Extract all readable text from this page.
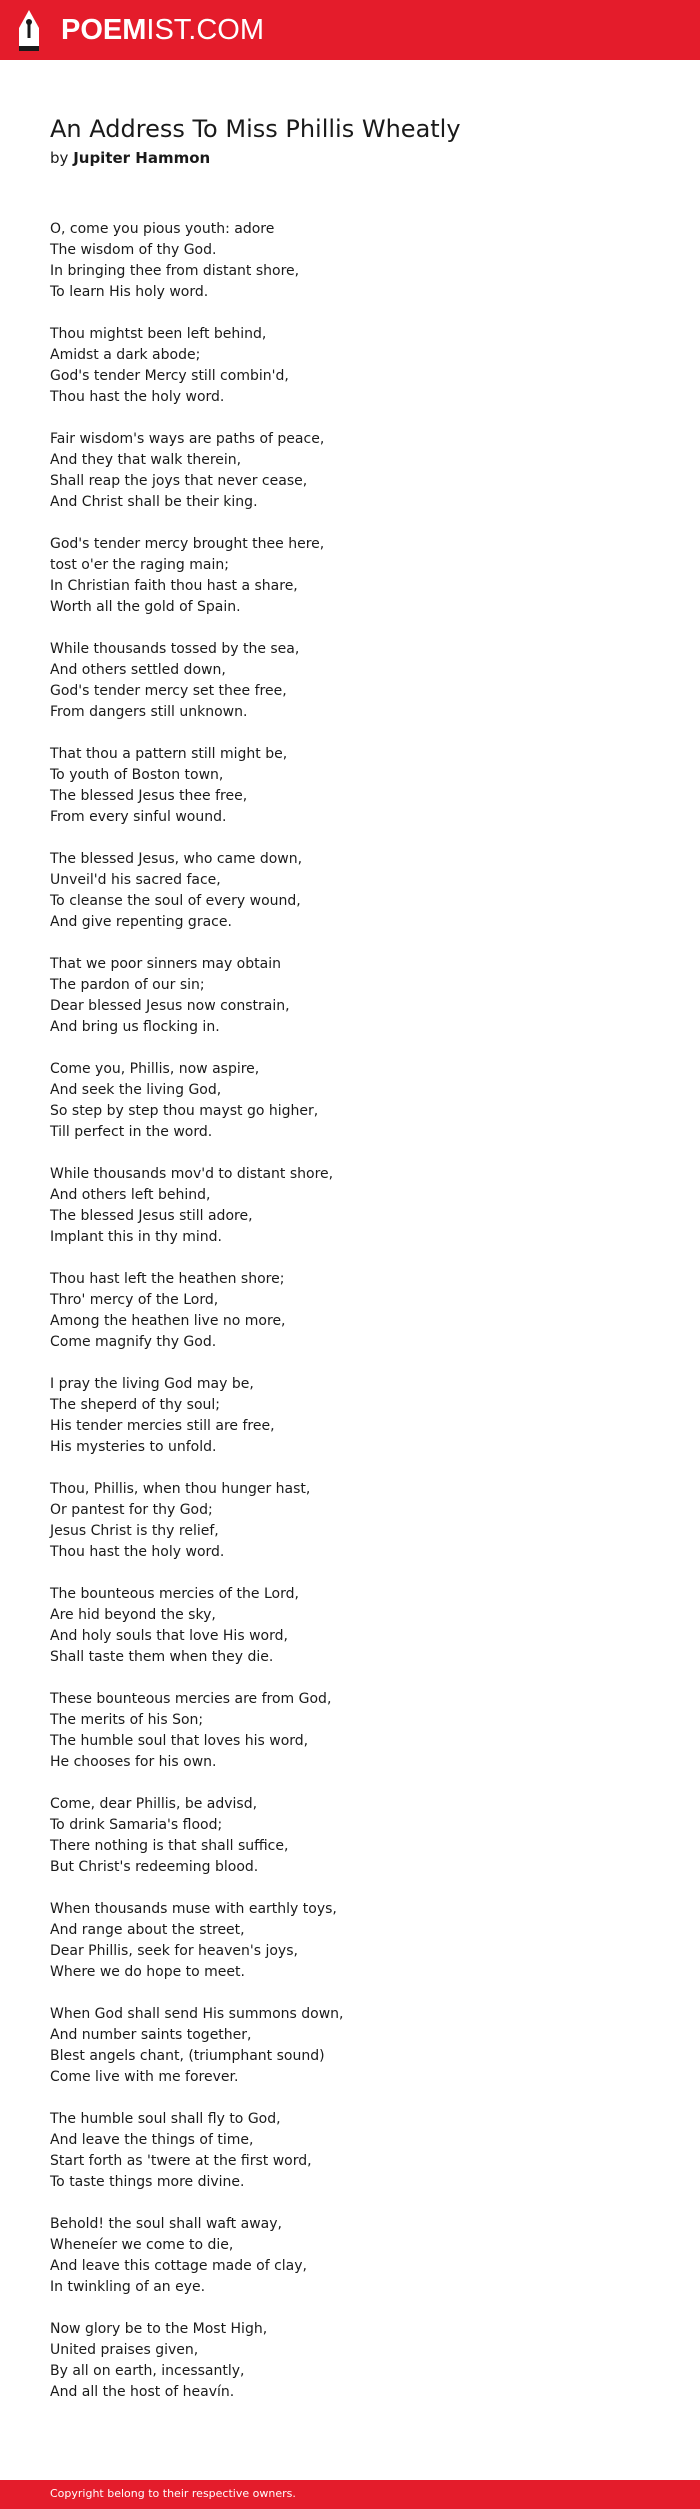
POEMIST.COM
An Address To Miss Phillis Wheatly
by Jupiter Hammon
O, come you pious youth: adore
The wisdom of thy God.
In bringing thee from distant shore,
To learn His holy word.
Thou mightst been left behind,
Amidst a dark abode;
God's tender Mercy still combin'd,
Thou hast the holy word.
Fair wisdom's ways are paths of peace,
And they that walk therein,
Shall reap the joys that never cease,
And Christ shall be their king.
God's tender mercy brought thee here,
tost o'er the raging main;
In Christian faith thou hast a share,
Worth all the gold of Spain.
While thousands tossed by the sea,
And others settled down,
God's tender mercy set thee free,
From dangers still unknown.
That thou a pattern still might be,
To youth of Boston town,
The blessed Jesus thee free,
From every sinful wound.
The blessed Jesus, who came down,
Unveil'd his sacred face,
To cleanse the soul of every wound,
And give repenting grace.
That we poor sinners may obtain
The pardon of our sin;
Dear blessed Jesus now constrain,
And bring us flocking in.
Come you, Phillis, now aspire,
And seek the living God,
So step by step thou mayst go higher,
Till perfect in the word.
While thousands mov'd to distant shore,
And others left behind,
The blessed Jesus still adore,
Implant this in thy mind.
Thou hast left the heathen shore;
Thro' mercy of the Lord,
Among the heathen live no more,
Come magnify thy God.
I pray the living God may be,
The sheperd of thy soul;
His tender mercies still are free,
His mysteries to unfold.
Thou, Phillis, when thou hunger hast,
Or pantest for thy God;
Jesus Christ is thy relief,
Thou hast the holy word.
The bounteous mercies of the Lord,
Are hid beyond the sky,
And holy souls that love His word,
Shall taste them when they die.
These bounteous mercies are from God,
The merits of his Son;
The humble soul that loves his word,
He chooses for his own.
Come, dear Phillis, be advisd,
To drink Samaria's flood;
There nothing is that shall suffice,
But Christ's redeeming blood.
When thousands muse with earthly toys,
And range about the street,
Dear Phillis, seek for heaven's joys,
Where we do hope to meet.
When God shall send His summons down,
And number saints together,
Blest angels chant, (triumphant sound)
Come live with me forever.
The humble soul shall fly to God,
And leave the things of time,
Start forth as 'twere at the first word,
To taste things more divine.
Behold! the soul shall waft away,
Wheneíer we come to die,
And leave this cottage made of clay,
In twinkling of an eye.
Now glory be to the Most High,
United praises given,
By all on earth, incessantly,
And all the host of heavín.
Copyright belong to their respective owners.
